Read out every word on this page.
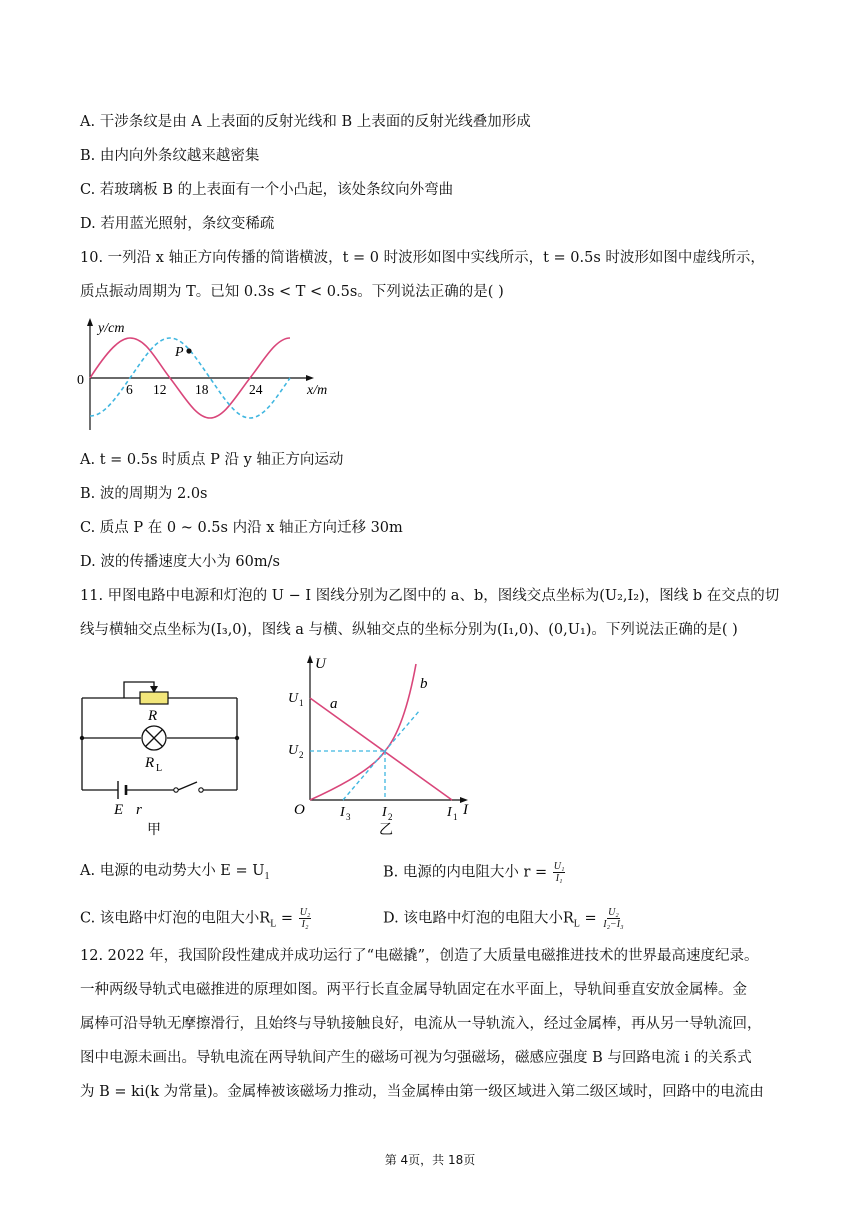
A. 干涉条纹是由 A 上表面的反射光线和 B 上表面的反射光线叠加形成
B. 由内向外条纹越来越密集
C. 若玻璃板 B 的上表面有一个小凸起，该处条纹向外弯曲
D. 若用蓝光照射，条纹变稀疏
10. 一列沿 x 轴正方向传播的简谐横波，t = 0 时波形如图中实线所示，t = 0.5s 时波形如图中虚线所示，
质点振动周期为 T。已知 0.3s < T < 0.5s。下列说法正确的是( )
P
y/cm
x/m
0
6 12 18	24
A. t = 0.5s 时质点 P 沿 y 轴正方向运动
B. 波的周期为 2.0s
C. 质点 P 在 0 ~ 0.5s 内沿 x 轴正方向迁移 30m
D. 波的传播速度大小为 60m/s
11. 甲图电路中电源和灯泡的 U − I 图线分别为乙图中的 a、b，图线交点坐标为(U₂,I₂)，图线 b 在交点的切
线与横轴交点坐标为(I₃,0)，图线 a 与横、纵轴交点的坐标分别为(I₁,0)、(0,U₁)。下列说法正确的是( )
R
R L
E r
甲
U
I
O
U 1
U 2
I 3 I 2	I 1
a
b
乙
A. 电源的电动势大小 $E = U_1$	B. 电源的内电阻大小 $r = \frac{\text{U₁}}{\text{I₁}}$
C. 该电路中灯泡的电阻大小$R_L = \frac{\text{U₂}}{\text{I₂}}$	D. 该电路中灯泡的电阻大小$R_L = \frac{\text{U₂}}{\text{I₂−I₃}}$
12. 2022 年，我国阶段性建成并成功运行了“电磁撬”，创造了大质量电磁推进技术的世界最高速度纪录。
一种两级导轨式电磁推进的原理如图。两平行长直金属导轨固定在水平面上，导轨间垂直安放金属棒。金
属棒可沿导轨无摩擦滑行，且始终与导轨接触良好，电流从一导轨流入，经过金属棒，再从另一导轨流回，
图中电源未画出。导轨电流在两导轨间产生的磁场可视为匀强磁场，磁感应强度 B 与回路电流 i 的关系式
为 B = ki(k 为常量)。金属棒被该磁场力推动，当金属棒由第一级区域进入第二级区域时，回路中的电流由
第 4页，共 18页
